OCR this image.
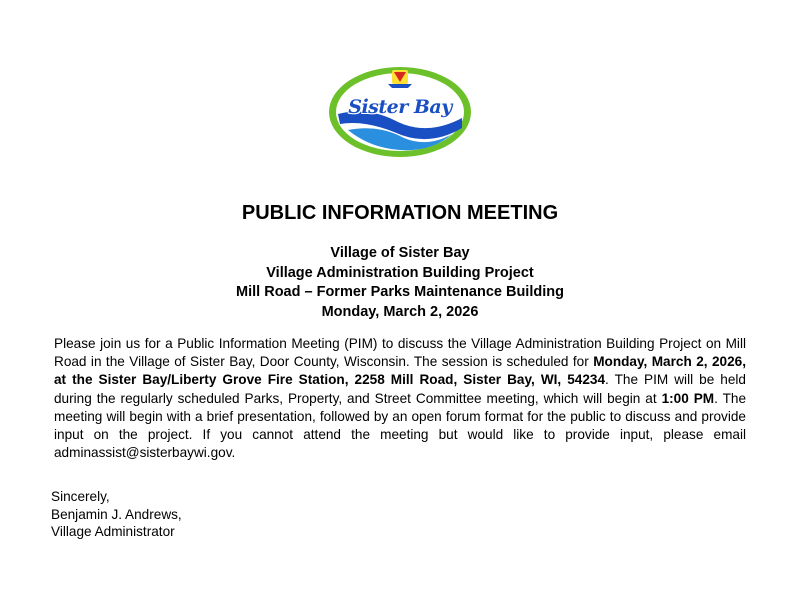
Sister Bay
PUBLIC INFORMATION MEETING
Village of Sister Bay
Village Administration Building Project
Mill Road – Former Parks Maintenance Building
Monday, March 2, 2026

Please join us for a Public Information Meeting (PIM) to discuss the Village Administration Building Project on Mill Road in the Village of Sister Bay, Door County, Wisconsin. The session is scheduled for Monday, March 2, 2026, at the Sister Bay/Liberty Grove Fire Station, 2258 Mill Road, Sister Bay, WI, 54234. The PIM will be held during the regularly scheduled Parks, Property, and Street Committee meeting, which will begin at 1:00 PM. The meeting will begin with a brief presentation, followed by an open forum format for the public to discuss and provide input on the project. If you cannot attend the meeting but would like to provide input, please email adminassist@sisterbaywi.gov.

Sincerely,
Benjamin J. Andrews,
Village Administrator
